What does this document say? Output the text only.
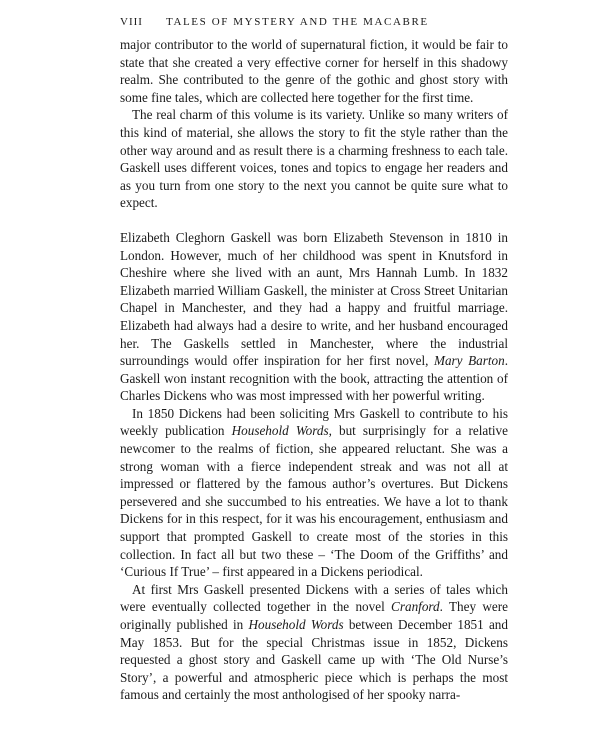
VIII TALES OF MYSTERY AND THE MACABRE

major contributor to the world of supernatural fiction, it would be fair to state that she created a very effective corner for herself in this shadowy realm. She contributed to the genre of the gothic and ghost story with some fine tales, which are collected here together for the first time.

The real charm of this volume is its variety. Unlike so many writers of this kind of material, she allows the story to fit the style rather than the other way around and as result there is a charming freshness to each tale. Gaskell uses different voices, tones and topics to engage her readers and as you turn from one story to the next you cannot be quite sure what to expect.

Elizabeth Cleghorn Gaskell was born Elizabeth Stevenson in 1810 in London. However, much of her childhood was spent in Knutsford in Cheshire where she lived with an aunt, Mrs Hannah Lumb. In 1832 Elizabeth married William Gaskell, the minister at Cross Street Unitarian Chapel in Manchester, and they had a happy and fruitful marriage. Elizabeth had always had a desire to write, and her husband encouraged her. The Gaskells settled in Manchester, where the industrial surroundings would offer inspiration for her first novel, Mary Barton. Gaskell won instant recognition with the book, attracting the attention of Charles Dickens who was most impressed with her powerful writing.

In 1850 Dickens had been soliciting Mrs Gaskell to contribute to his weekly publication Household Words, but surprisingly for a relative newcomer to the realms of fiction, she appeared reluctant. She was a strong woman with a fierce independent streak and was not all at impressed or flattered by the famous author’s overtures. But Dickens persevered and she succumbed to his entreaties. We have a lot to thank Dickens for in this respect, for it was his encouragement, enthusiasm and support that prompted Gaskell to create most of the stories in this collection. In fact all but two these – ‘The Doom of the Griffiths’ and ‘Curious If True’ – first appeared in a Dickens periodical.

At first Mrs Gaskell presented Dickens with a series of tales which were eventually collected together in the novel Cranford. They were originally published in Household Words between December 1851 and May 1853. But for the special Christmas issue in 1852, Dickens requested a ghost story and Gaskell came up with ‘The Old Nurse’s Story’, a powerful and atmospheric piece which is perhaps the most famous and certainly the most anthologised of her spooky narra-
